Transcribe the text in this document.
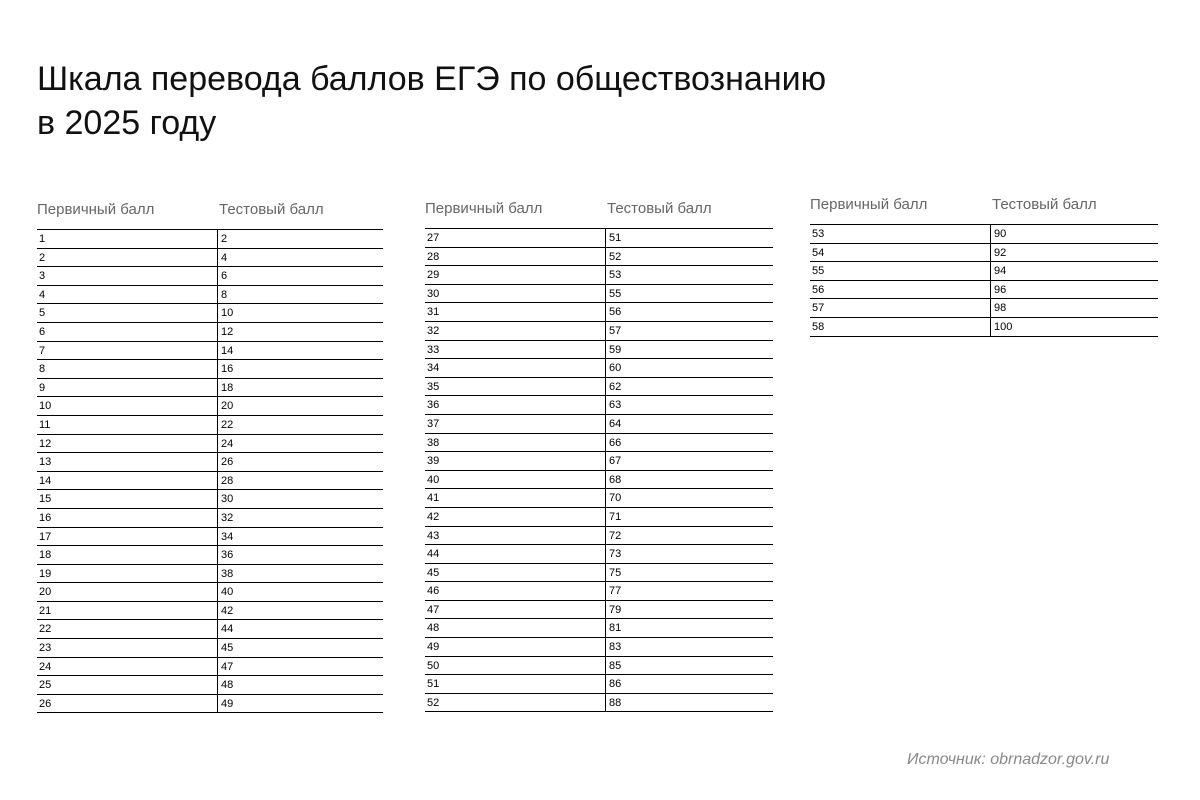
Шкала перевода баллов ЕГЭ по обществознанию
в 2025 году
Первичный балл	Тестовый балл
1	2
2	4
3	6
4	8
5	10
6	12
7	14
8	16
9	18
10	20
11	22
12	24
13	26
14	28
15	30
16	32
17	34
18	36
19	38
20	40
21	42
22	44
23	45
24	47
25	48
26	49
Первичный балл	Тестовый балл
27	51
28	52
29	53
30	55
31	56
32	57
33	59
34	60
35	62
36	63
37	64
38	66
39	67
40	68
41	70
42	71
43	72
44	73
45	75
46	77
47	79
48	81
49	83
50	85
51	86
52	88
Первичный балл	Тестовый балл
53	90
54	92
55	94
56	96
57	98
58	100
Источник: obrnadzor.gov.ru
